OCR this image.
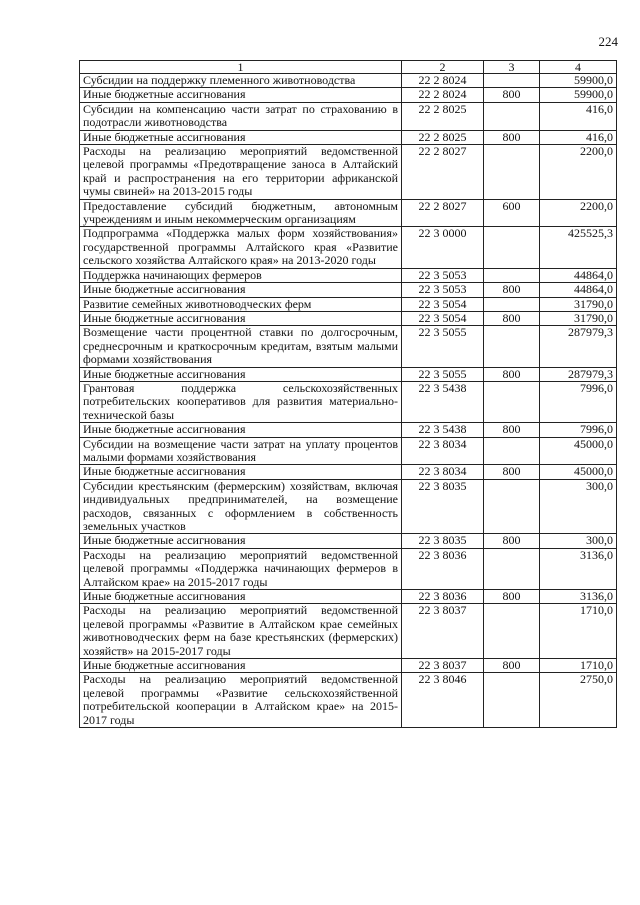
224
1	2	3	4
Субсидии на поддержку племенного животноводства	22 2 8024		59900,0
Иные бюджетные ассигнования	22 2 8024	800	59900,0
Субсидии на компенсацию части затрат по страхованию в подотрасли животноводства	22 2 8025		416,0
Иные бюджетные ассигнования	22 2 8025	800	416,0
Расходы на реализацию мероприятий ведомственной целевой программы «Предотвращение заноса в Алтайский край и распространения на его территории африканской чумы свиней» на 2013-2015 годы	22 2 8027		2200,0
Предоставление субсидий бюджетным, автономным учреждениям и иным некоммерческим организациям	22 2 8027	600	2200,0
Подпрограмма «Поддержка малых форм хозяйствования» государственной программы Алтайского края «Развитие сельского хозяйства Алтайского края» на 2013-2020 годы	22 3 0000		425525,3
Поддержка начинающих фермеров	22 3 5053		44864,0
Иные бюджетные ассигнования	22 3 5053	800	44864,0
Развитие семейных животноводческих ферм	22 3 5054		31790,0
Иные бюджетные ассигнования	22 3 5054	800	31790,0
Возмещение части процентной ставки по долгосрочным, среднесрочным и краткосрочным кредитам, взятым малыми формами хозяйствования	22 3 5055		287979,3
Иные бюджетные ассигнования	22 3 5055	800	287979,3
Грантовая поддержка сельскохозяйственных потребительских кооперативов для развития материально-технической базы	22 3 5438		7996,0
Иные бюджетные ассигнования	22 3 5438	800	7996,0
Субсидии на возмещение части затрат на уплату процентов малыми формами хозяйствования	22 3 8034		45000,0
Иные бюджетные ассигнования	22 3 8034	800	45000,0
Субсидии крестьянским (фермерским) хозяйствам, включая индивидуальных предпринимателей, на возмещение расходов, связанных с оформлением в собственность земельных участков	22 3 8035		300,0
Иные бюджетные ассигнования	22 3 8035	800	300,0
Расходы на реализацию мероприятий ведомственной целевой программы «Поддержка начинающих фермеров в Алтайском крае» на 2015-2017 годы	22 3 8036		3136,0
Иные бюджетные ассигнования	22 3 8036	800	3136,0
Расходы на реализацию мероприятий ведомственной целевой программы «Развитие в Алтайском крае семейных животноводческих ферм на базе крестьянских (фермерских) хозяйств» на 2015-2017 годы	22 3 8037		1710,0
Иные бюджетные ассигнования	22 3 8037	800	1710,0
Расходы на реализацию мероприятий ведомственной целевой программы «Развитие сельскохозяйственной потребительской кооперации в Алтайском крае» на 2015-2017 годы	22 3 8046		2750,0
